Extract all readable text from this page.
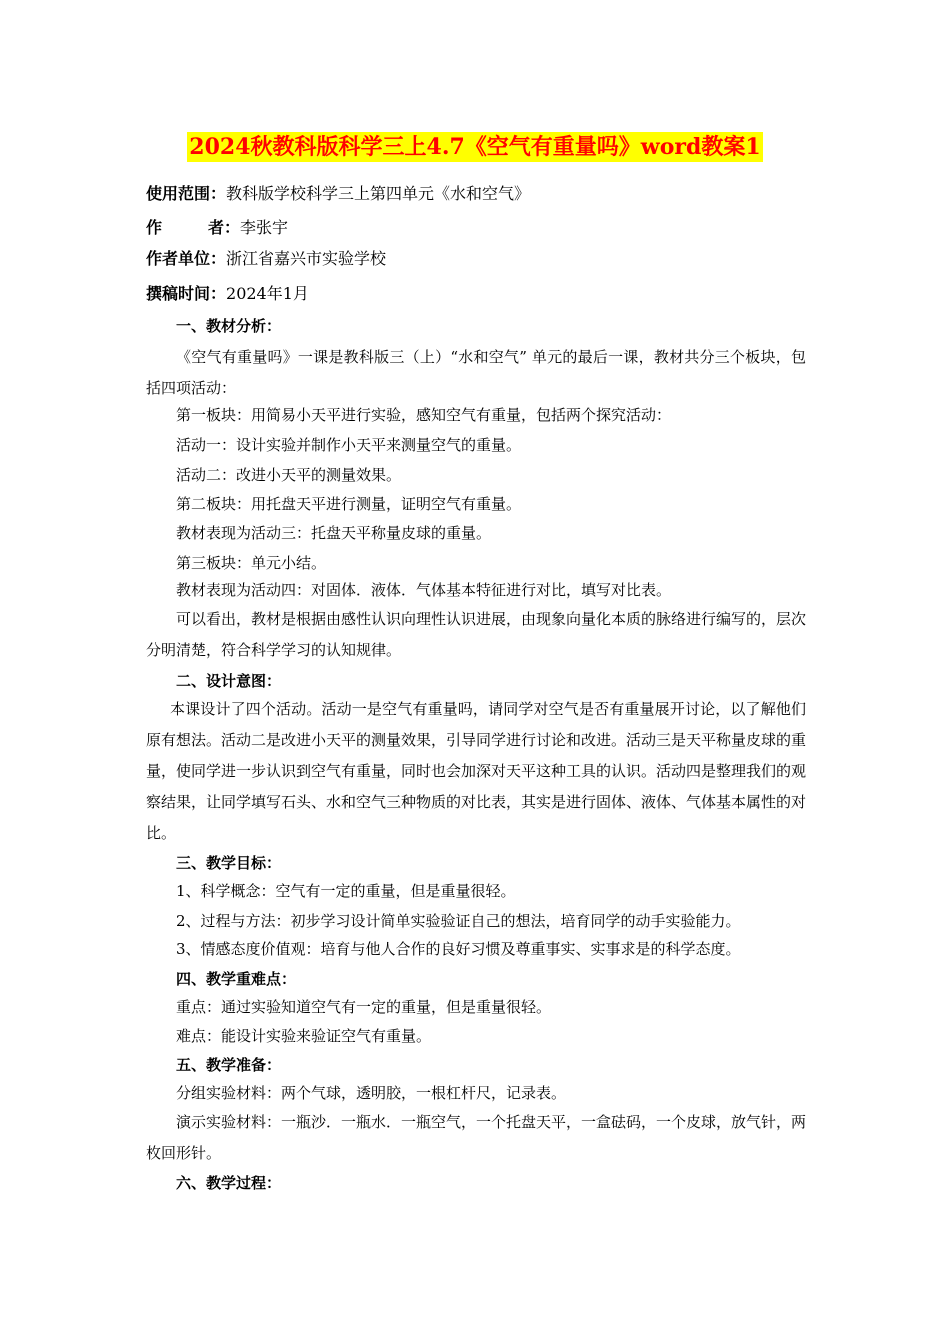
2024秋教科版科学三上4.7《空气有重量吗》word教案1
使用范围：教科版学校科学三上第四单元《水和空气》
作	者：李张宇
作者单位：浙江省嘉兴市实验学校
撰稿时间：2024年1月
一、教材分析：
《空气有重量吗》一课是教科版三（上）“水和空气” 单元的最后一课，教材共分三个板块，包括四项活动：
第一板块：用简易小天平进行实验，感知空气有重量，包括两个探究活动：
活动一：设计实验并制作小天平来测量空气的重量。
活动二：改进小天平的测量效果。
第二板块：用托盘天平进行测量，证明空气有重量。
教材表现为活动三：托盘天平称量皮球的重量。
第三板块：单元小结。
教材表现为活动四：对固体．液体．气体基本特征进行对比，填写对比表。
可以看出，教材是根据由感性认识向理性认识进展，由现象向量化本质的脉络进行编写的，层次分明清楚，符合科学学习的认知规律。
二、设计意图：
本课设计了四个活动。活动一是空气有重量吗，请同学对空气是否有重量展开讨论，以了解他们原有想法。活动二是改进小天平的测量效果，引导同学进行讨论和改进。活动三是天平称量皮球的重量，使同学进一步认识到空气有重量，同时也会加深对天平这种工具的认识。活动四是整理我们的观察结果，让同学填写石头、水和空气三种物质的对比表，其实是进行固体、液体、气体基本属性的对比。
三、教学目标：
1、科学概念：空气有一定的重量，但是重量很轻。
2、过程与方法：初步学习设计简单实验验证自己的想法，培育同学的动手实验能力。
3、情感态度价值观：培育与他人合作的良好习惯及尊重事实、实事求是的科学态度。
四、教学重难点：
重点：通过实验知道空气有一定的重量，但是重量很轻。
难点：能设计实验来验证空气有重量。
五、教学准备：
分组实验材料：两个气球，透明胶，一根杠杆尺，记录表。
演示实验材料：一瓶沙．一瓶水．一瓶空气，一个托盘天平，一盒砝码，一个皮球，放气针，两枚回形针。
六、教学过程：
